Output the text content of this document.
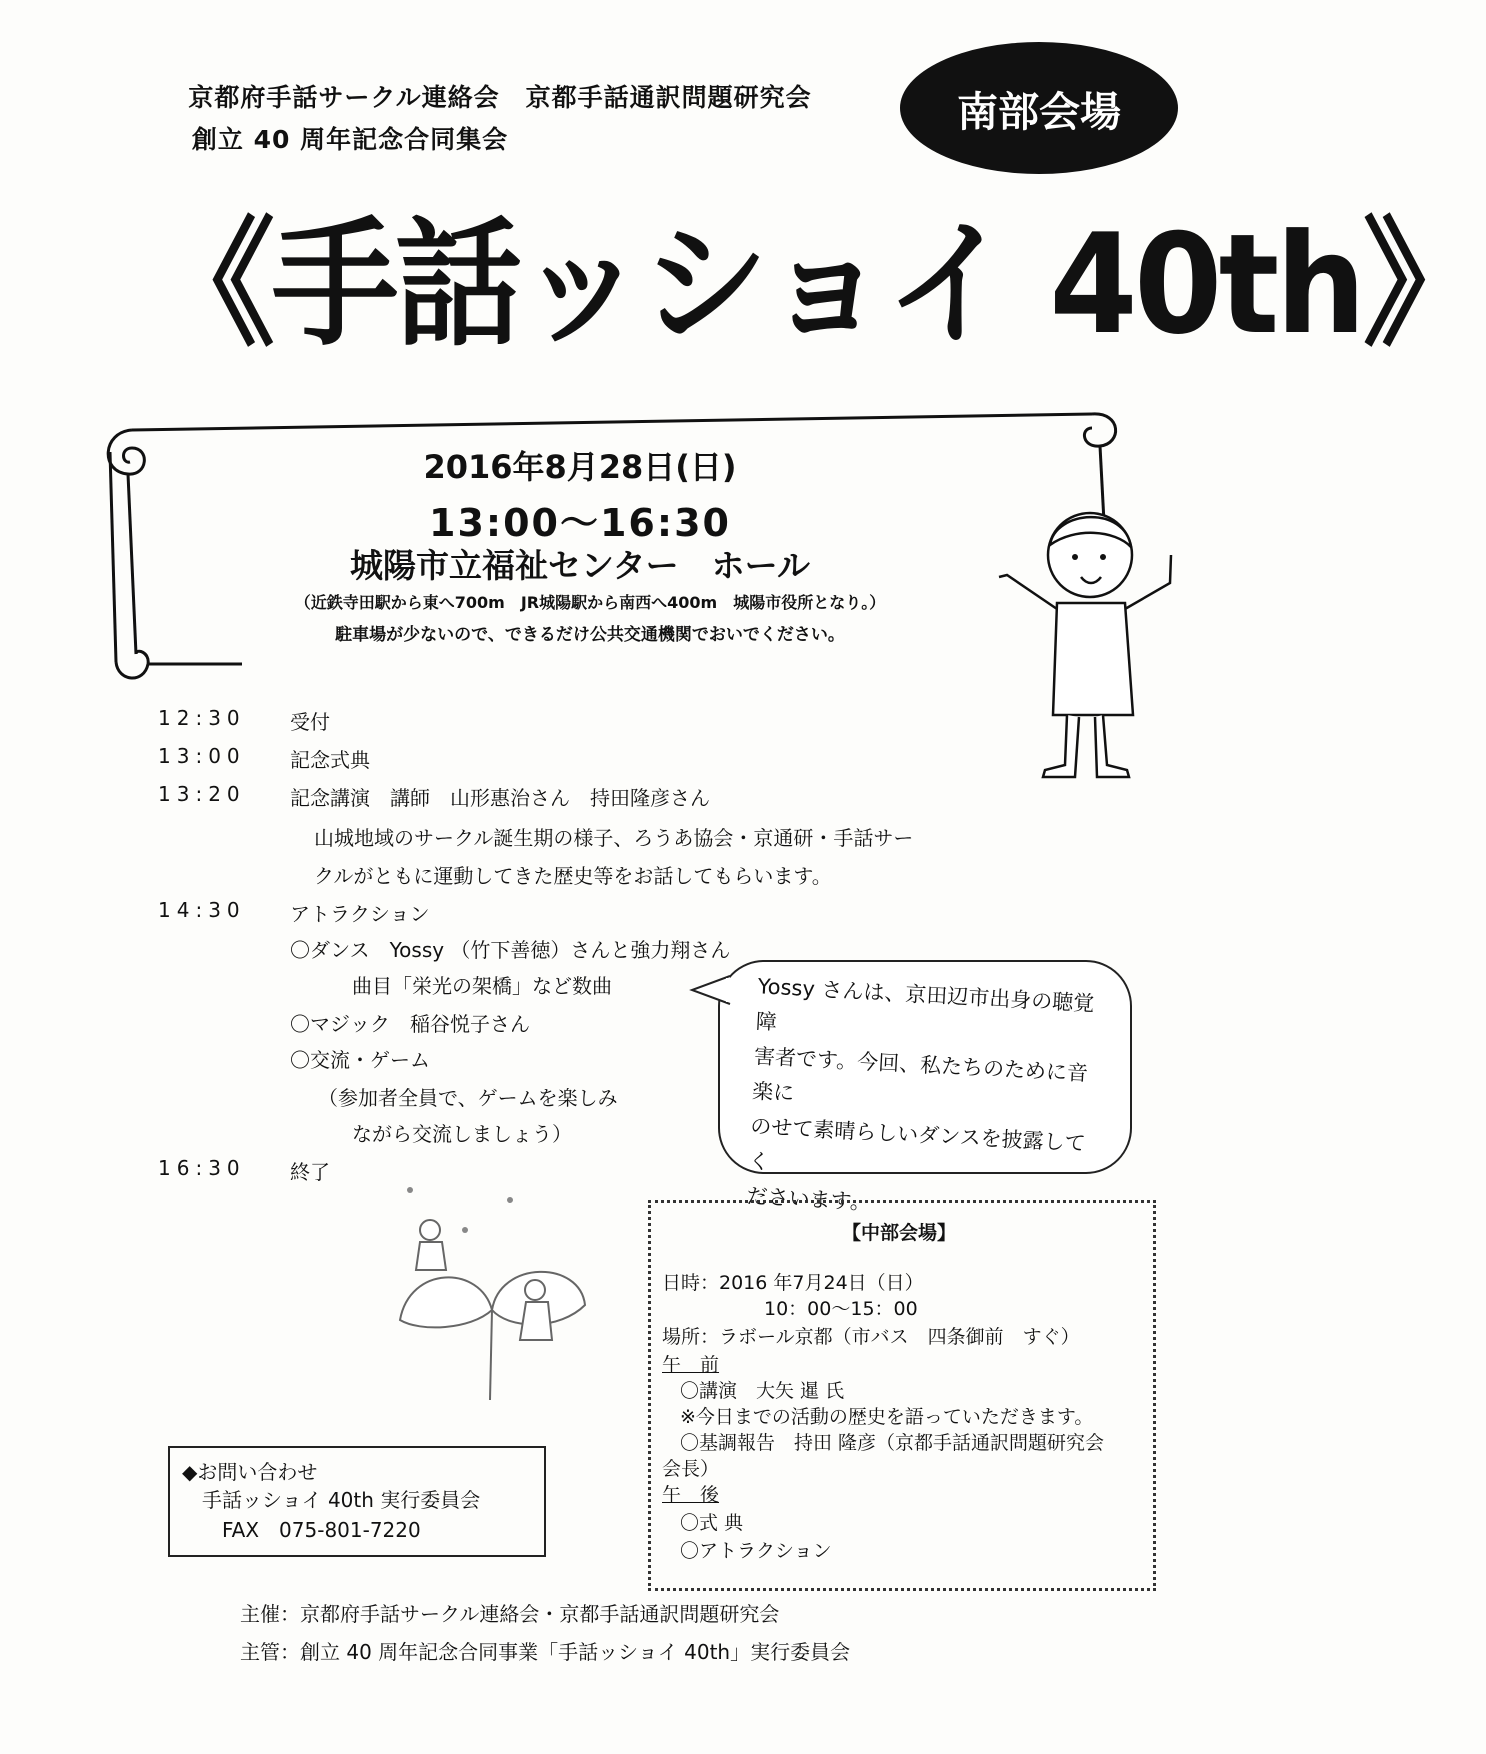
京都府手話サークル連絡会　京都手話通訳問題研究会
創立 40 周年記念合同集会
南部会場
《手話ッショイ 40th》
2016年8月28日(日)
13:00～16:30
城陽市立福祉センター　ホール
（近鉄寺田駅から東へ700m　JR城陽駅から南西へ400m　城陽市役所となり。）
駐車場が少ないので、できるだけ公共交通機関でおいでください。
12:30 受付
13:00 記念式典
13:20 記念講演　講師　山形惠治さん　持田隆彦さん
山城地域のサークル誕生期の様子、ろうあ協会・京通研・手話サー
クルがともに運動してきた歴史等をお話してもらいます。
14:30 アトラクション
〇ダンス　Yossy （竹下善徳）さんと強力翔さん
曲目「栄光の架橋」など数曲
〇マジック　稲谷悦子さん
〇交流・ゲーム
（参加者全員で、ゲームを楽しみ
ながら交流しましょう）
16:30 終了
Yossy さんは、京田辺市出身の聴覚障
害者です。今回、私たちのために音楽に
のせて素晴らしいダンスを披露してく
ださいます。
【中部会場】
日時：2016 年7月24日（日）
10：00～15：00
場所：ラボール京都（市バス　四条御前　すぐ）
午　前
〇講演　大矢 暹 氏
※今日までの活動の歴史を語っていただきます。
〇基調報告　持田 隆彦（京都手話通訳問題研究会
会長）
午　後
〇式 典
〇アトラクション
◆お問い合わせ
手話ッショイ 40th 実行委員会
FAX　075-801-7220
主催：京都府手話サークル連絡会・京都手話通訳問題研究会
主管：創立 40 周年記念合同事業「手話ッショイ 40th」実行委員会
